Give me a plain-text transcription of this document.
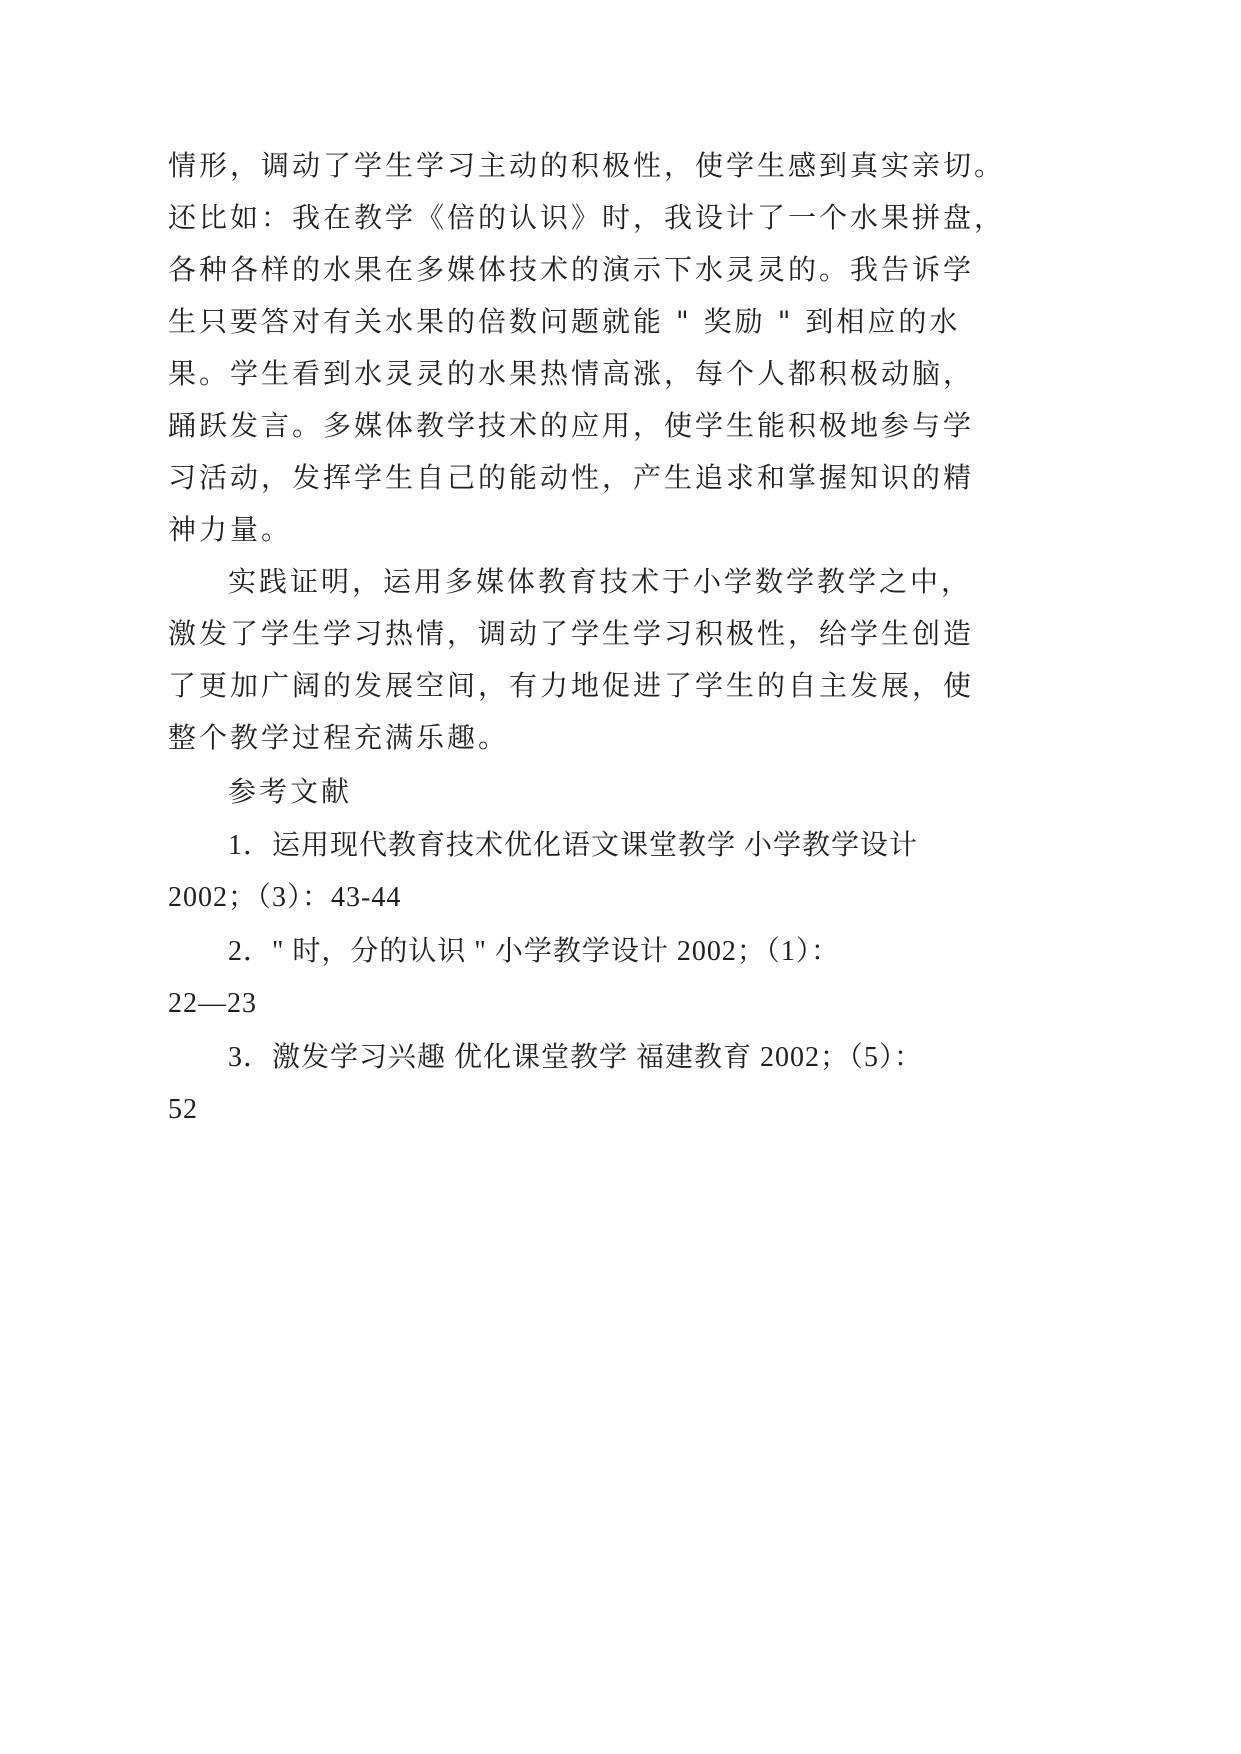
情形，调动了学生学习主动的积极性，使学生感到真实亲切。
还比如：我在教学《倍的认识》时，我设计了一个水果拼盘，
各种各样的水果在多媒体技术的演示下水灵灵的。我告诉学
生只要答对有关水果的倍数问题就能 " 奖励 " 到相应的水
果。学生看到水灵灵的水果热情高涨，每个人都积极动脑，
踊跃发言。多媒体教学技术的应用，使学生能积极地参与学
习活动，发挥学生自己的能动性，产生追求和掌握知识的精
神力量。
实践证明，运用多媒体教育技术于小学数学教学之中，
激发了学生学习热情，调动了学生学习积极性，给学生创造
了更加广阔的发展空间，有力地促进了学生的自主发展，使
整个教学过程充满乐趣。
参考文献
1．运用现代教育技术优化语文课堂教学 小学教学设计
2002；（3）：43-44
2．" 时，分的认识 " 小学教学设计 2002；（1）：
22—23
3．激发学习兴趣 优化课堂教学 福建教育 2002；（5）：
52
